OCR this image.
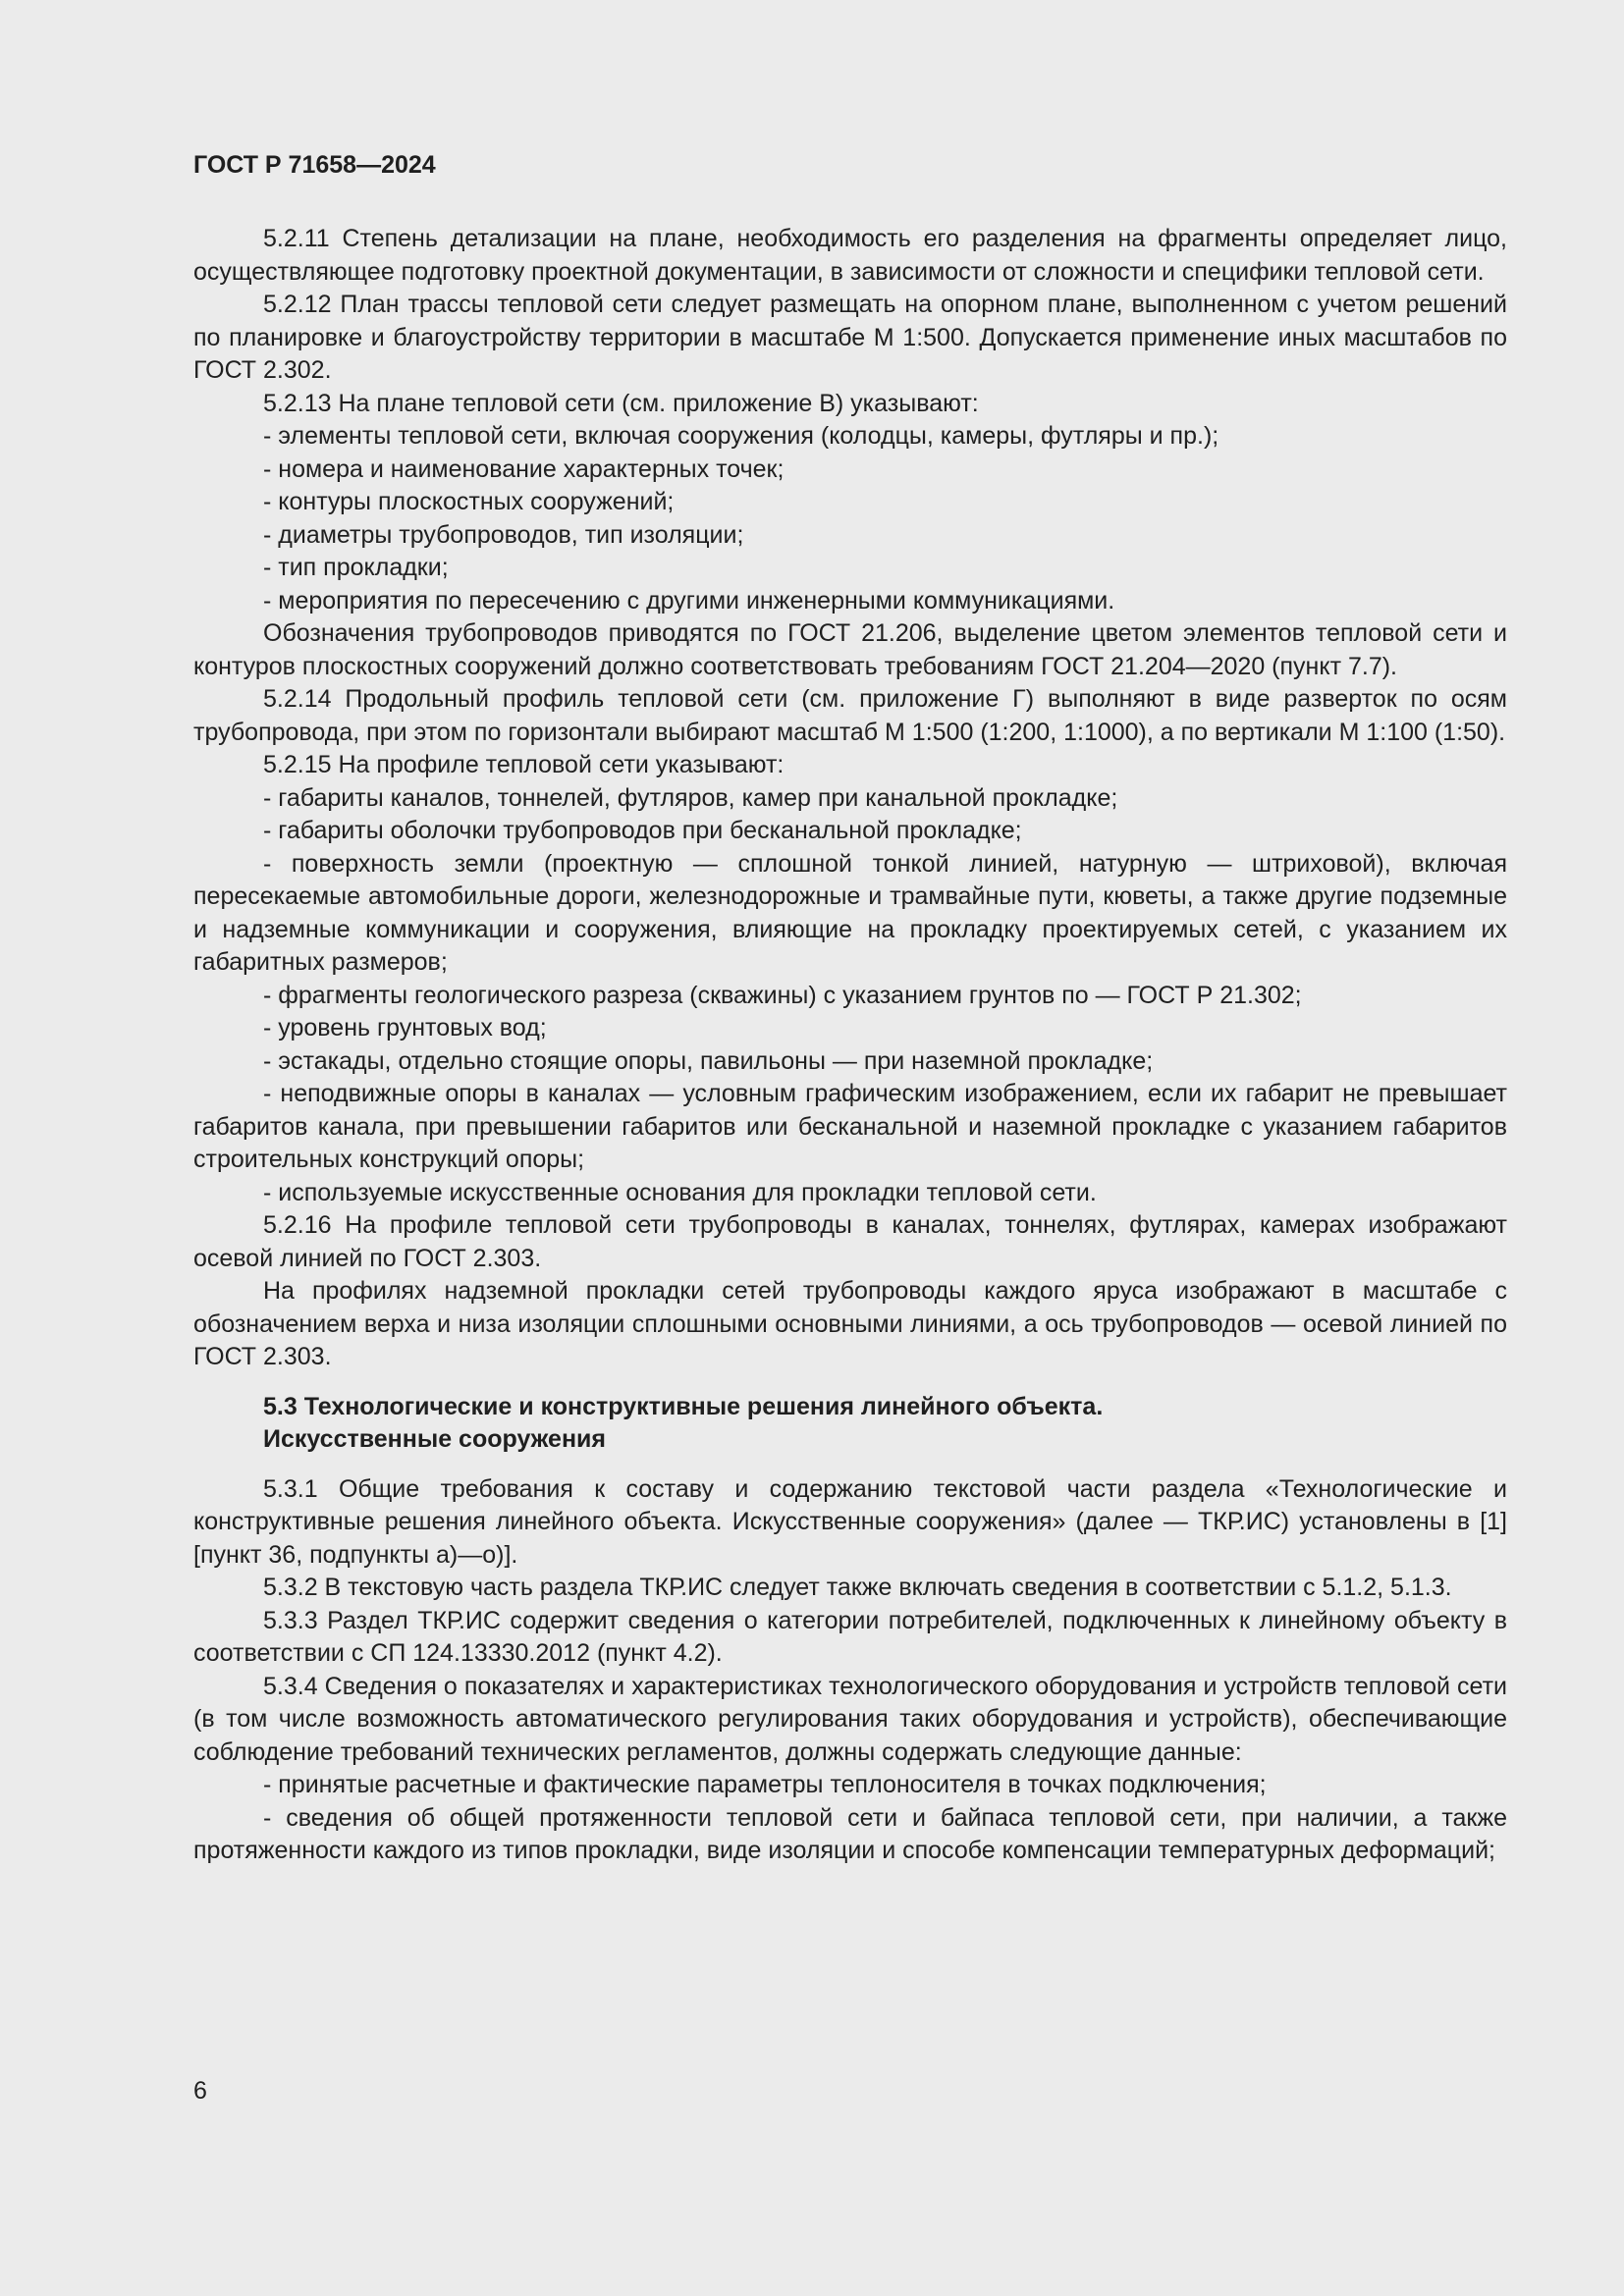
ГОСТ Р 71658—2024

5.2.11 Степень детализации на плане, необходимость его разделения на фрагменты определяет лицо, осуществляющее подготовку проектной документации, в зависимости от сложности и специфики тепловой сети.

5.2.12 План трассы тепловой сети следует размещать на опорном плане, выполненном с учетом решений по планировке и благоустройству территории в масштабе М 1:500. Допускается применение иных масштабов по ГОСТ 2.302.

5.2.13 На плане тепловой сети (см. приложение В) указывают:

- элементы тепловой сети, включая сооружения (колодцы, камеры, футляры и пр.);

- номера и наименование характерных точек;

- контуры плоскостных сооружений;

- диаметры трубопроводов, тип изоляции;

- тип прокладки;

- мероприятия по пересечению с другими инженерными коммуникациями.

Обозначения трубопроводов приводятся по ГОСТ 21.206, выделение цветом элементов тепловой сети и контуров плоскостных сооружений должно соответствовать требованиям ГОСТ 21.204—2020 (пункт 7.7).

5.2.14 Продольный профиль тепловой сети (см. приложение Г) выполняют в виде разверток по осям трубопровода, при этом по горизонтали выбирают масштаб М 1:500 (1:200, 1:1000), а по вертикали М 1:100 (1:50).

5.2.15 На профиле тепловой сети указывают:

- габариты каналов, тоннелей, футляров, камер при канальной прокладке;

- габариты оболочки трубопроводов при бесканальной прокладке;

- поверхность земли (проектную — сплошной тонкой линией, натурную — штриховой), включая пересекаемые автомобильные дороги, железнодорожные и трамвайные пути, кюветы, а также другие подземные и надземные коммуникации и сооружения, влияющие на прокладку проектируемых сетей, с указанием их габаритных размеров;

- фрагменты геологического разреза (скважины) с указанием грунтов по — ГОСТ Р 21.302;

- уровень грунтовых вод;

- эстакады, отдельно стоящие опоры, павильоны — при наземной прокладке;

- неподвижные опоры в каналах — условным графическим изображением, если их габарит не превышает габаритов канала, при превышении габаритов или бесканальной и наземной прокладке с указанием габаритов строительных конструкций опоры;

- используемые искусственные основания для прокладки тепловой сети.

5.2.16 На профиле тепловой сети трубопроводы в каналах, тоннелях, футлярах, камерах изображают осевой линией по ГОСТ 2.303.

На профилях надземной прокладки сетей трубопроводы каждого яруса изображают в масштабе с обозначением верха и низа изоляции сплошными основными линиями, а ось трубопроводов — осевой линией по ГОСТ 2.303.

5.3 Технологические и конструктивные решения линейного объекта.
Искусственные сооружения

5.3.1 Общие требования к составу и содержанию текстовой части раздела «Технологические и конструктивные решения линейного объекта. Искусственные сооружения» (далее — ТКР.ИС) установлены в [1] [пункт 36, подпункты а)—о)].

5.3.2 В текстовую часть раздела ТКР.ИС следует также включать сведения в соответствии с 5.1.2, 5.1.3.

5.3.3 Раздел ТКР.ИС содержит сведения о категории потребителей, подключенных к линейному объекту в соответствии с СП 124.13330.2012 (пункт 4.2).

5.3.4 Сведения о показателях и характеристиках технологического оборудования и устройств тепловой сети (в том числе возможность автоматического регулирования таких оборудования и устройств), обеспечивающие соблюдение требований технических регламентов, должны содержать следующие данные:

- принятые расчетные и фактические параметры теплоносителя в точках подключения;

- сведения об общей протяженности тепловой сети и байпаса тепловой сети, при наличии, а также протяженности каждого из типов прокладки, виде изоляции и способе компенсации температурных деформаций;

6
